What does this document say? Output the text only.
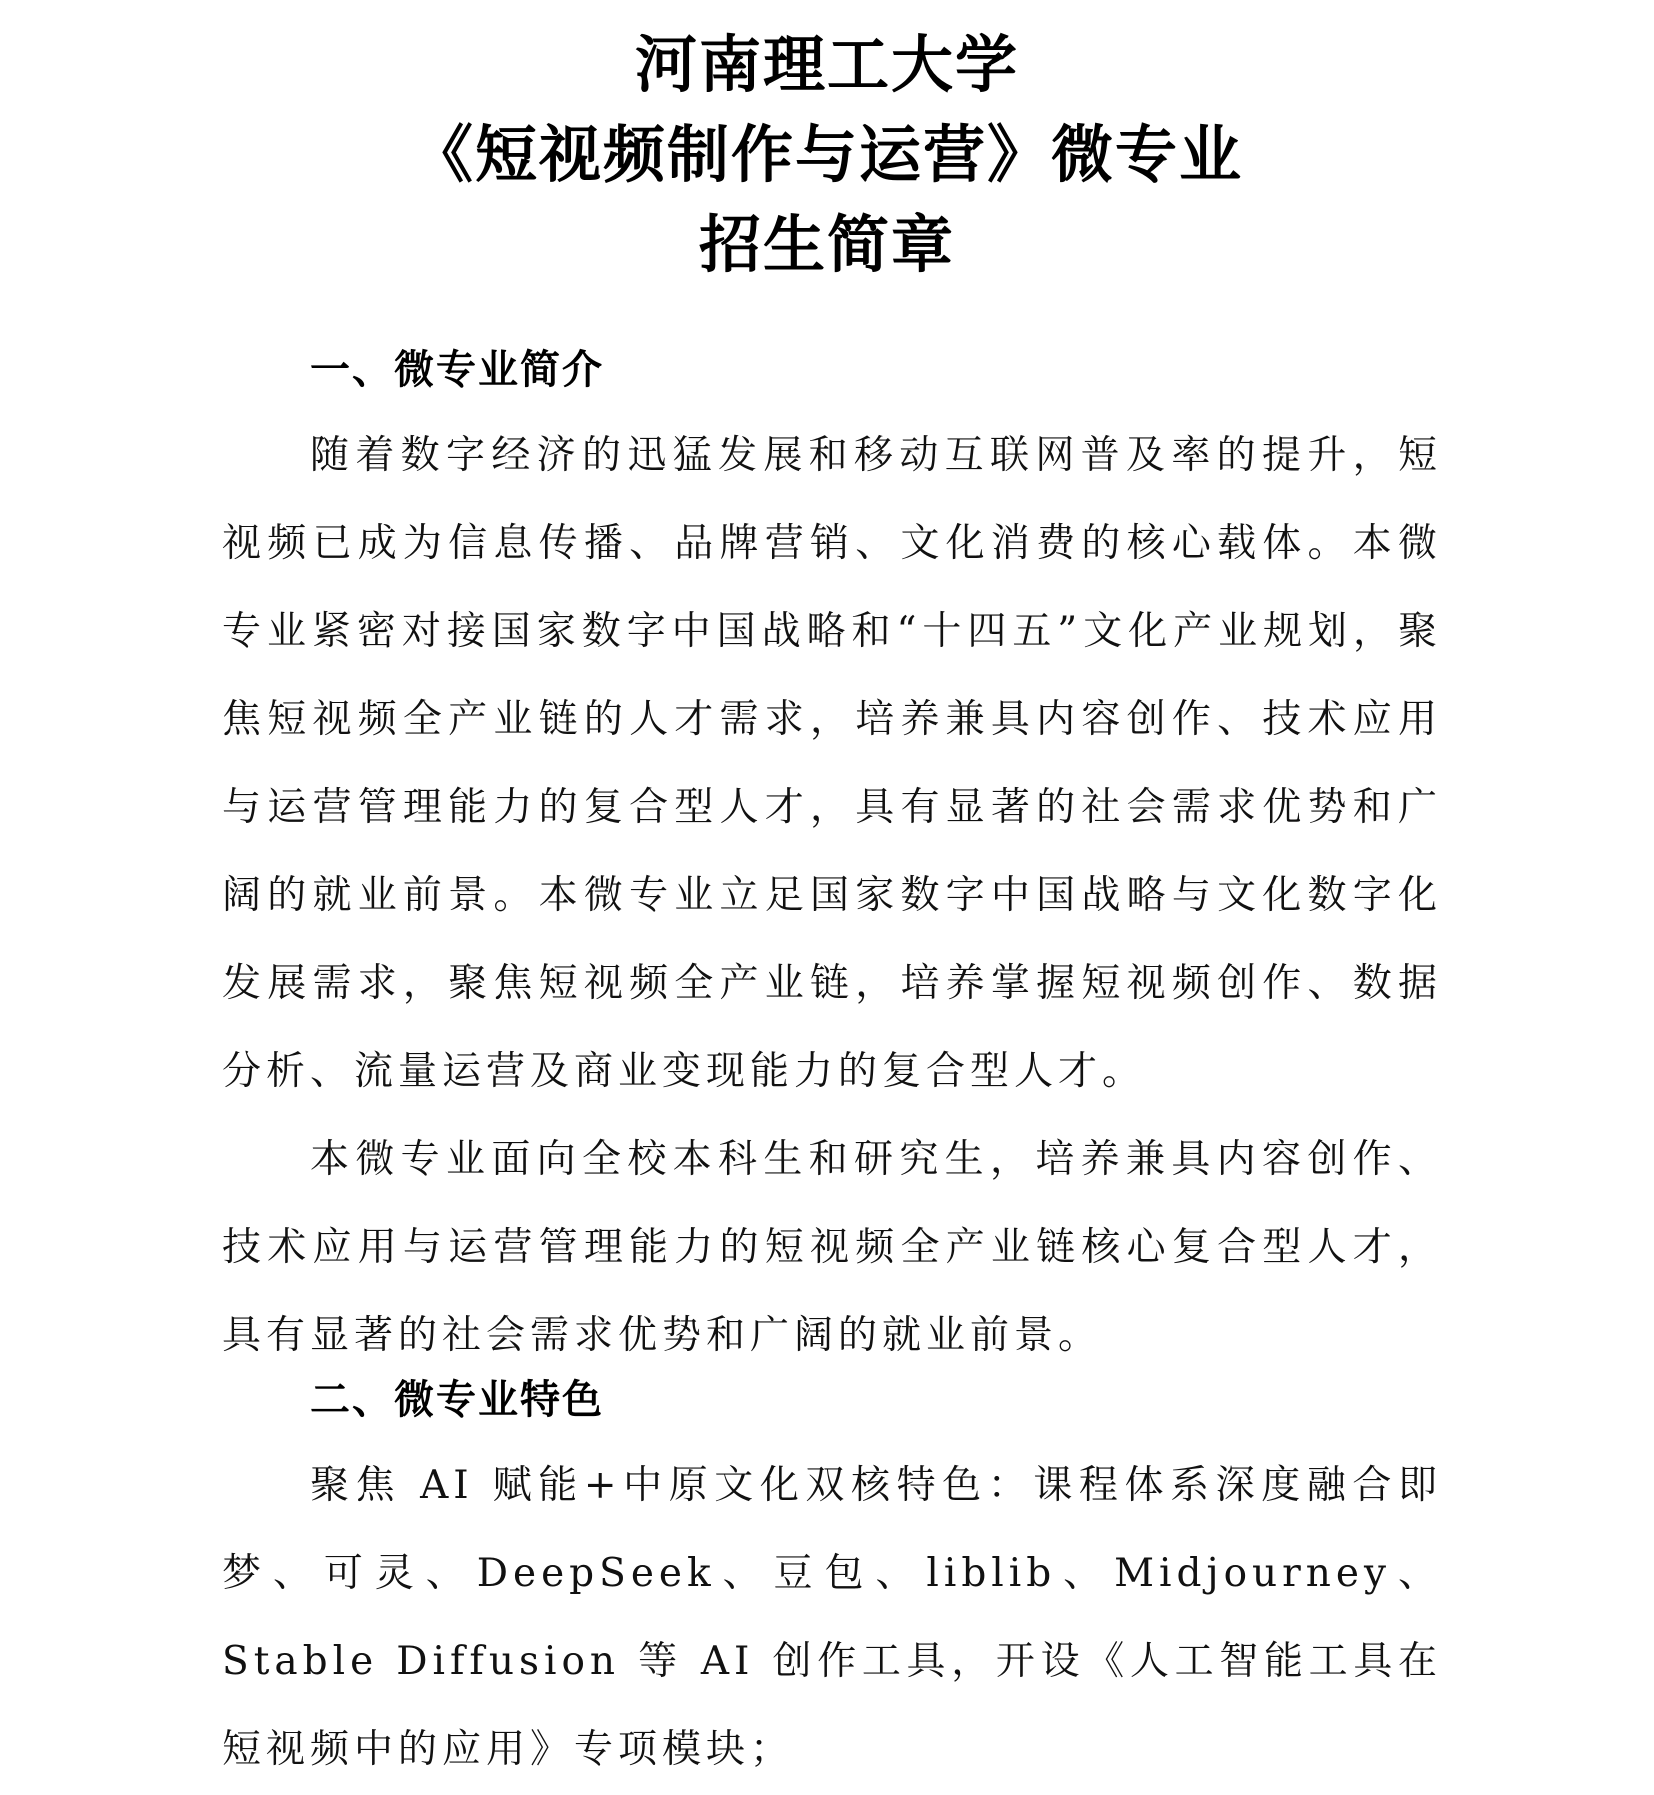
河南理工大学
《短视频制作与运营》微专业
招生简章
一、微专业简介

随着数字经济的迅猛发展和移动互联网普及率的提升，短视频已成为信息传播、品牌营销、文化消费的核心载体。本微专业紧密对接国家数字中国战略和“十四五”文化产业规划，聚焦短视频全产业链的人才需求，培养兼具内容创作、技术应用与运营管理能力的复合型人才，具有显著的社会需求优势和广阔的就业前景。本微专业立足国家数字中国战略与文化数字化发展需求，聚焦短视频全产业链，培养掌握短视频创作、数据分析、流量运营及商业变现能力的复合型人才。

本微专业面向全校本科生和研究生，培养兼具内容创作、技术应用与运营管理能力的短视频全产业链核心复合型人才，具有显著的社会需求优势和广阔的就业前景。

二、微专业特色

聚焦 AI 赋能+中原文化双核特色：课程体系深度融合即梦、可灵、DeepSeek、豆包、liblib、Midjourney、Stable Diffusion 等 AI 创作工具，开设《人工智能工具在短视频中的应用》专项模块；
